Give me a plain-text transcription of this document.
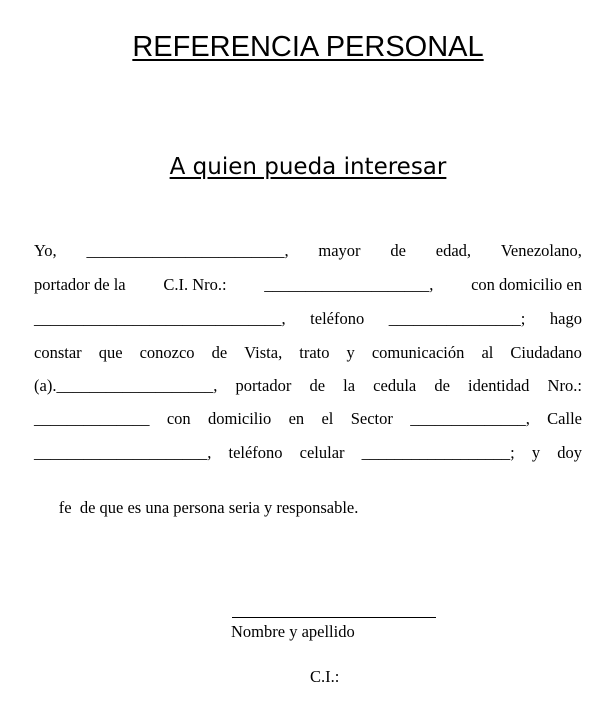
REFERENCIA PERSONAL
A quien pueda interesar
Yo, ________________________, mayor de edad, Venezolano,
portador de la C.I. Nro.: ____________________, con domicilio en
______________________________, teléfono ________________; hago
constar que conozco de Vista, trato y comunicación al Ciudadano
(a).___________________, portador de la cedula de identidad Nro.:
______________ con domicilio en el Sector ______________, Calle
_____________________, teléfono celular __________________; y doy

fe  de que es una persona seria y responsable.

Nombre y apellido
C.I.:
